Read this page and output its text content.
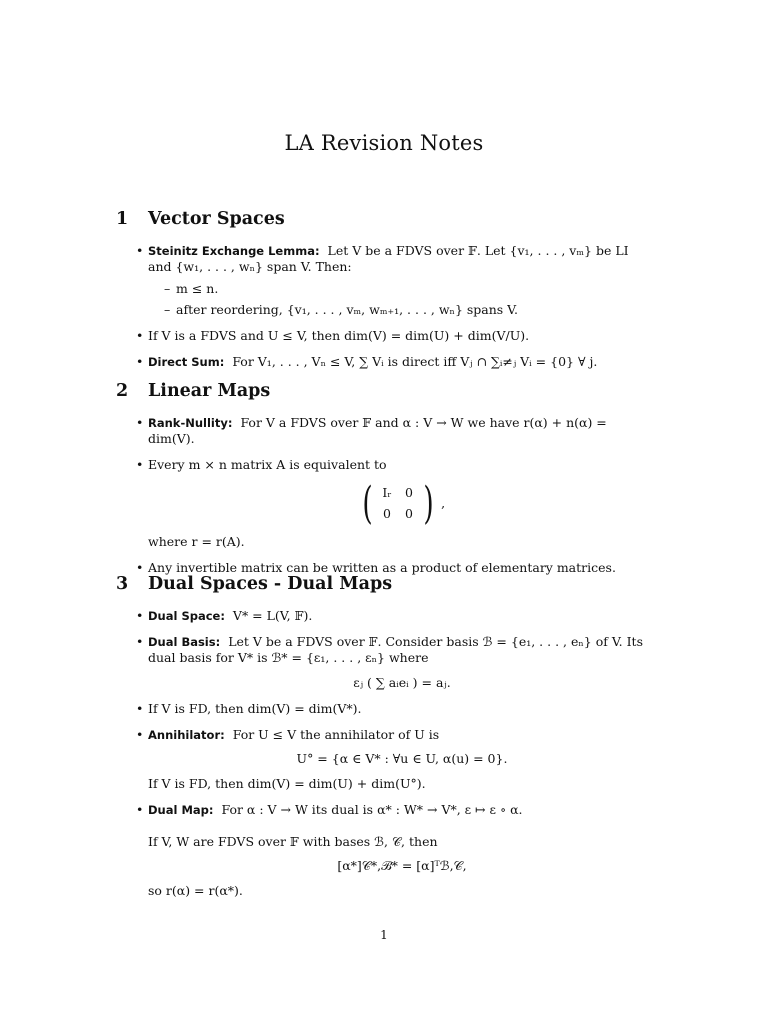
LA Revision Notes
1	Vector Spaces
• Steinitz Exchange Lemma: Let V be a FDVS over 𝔽. Let {v₁, . . . , vₘ} be LI and {w₁, . . . , wₙ} span V. Then:
– m ≤ n.
– after reordering, {v₁, . . . , vₘ, wₘ₊₁, . . . , wₙ} spans V.
• If V is a FDVS and U ≤ V, then dim(V) = dim(U) + dim(V/U).
• Direct Sum: For V₁, . . . , Vₙ ≤ V, ∑ Vᵢ is direct iff Vⱼ ∩ ∑ᵢ≠ⱼ Vᵢ = {0} ∀ j.
2	Linear Maps
• Rank-Nullity: For V a FDVS over 𝔽 and α : V → W we have r(α) + n(α) = dim(V).
• Every m × n matrix A is equivalent to
( Iᵣ	0
0	0 ) ,
where r = r(A).
• Any invertible matrix can be written as a product of elementary matrices.
3	Dual Spaces - Dual Maps
• Dual Space: V* = L(V, 𝔽).
• Dual Basis: Let V be a FDVS over 𝔽. Consider basis ℬ = {e₁, . . . , eₙ} of V. Its dual basis for V* is ℬ* = {ε₁, . . . , εₙ} where
εⱼ ( ∑ aᵢeᵢ ) = aⱼ.
• If V is FD, then dim(V) = dim(V*).
• Annihilator: For U ≤ V the annihilator of U is
U° = {α ∈ V* : ∀u ∈ U, α(u) = 0}.
If V is FD, then dim(V) = dim(U) + dim(U°).
• Dual Map: For α : V → W its dual is α* : W* → V*, ε ↦ ε ∘ α.
If V, W are FDVS over 𝔽 with bases ℬ, 𝒞, then
[α*]𝒞*,ℬ* = [α]ᵀℬ,𝒞,
so r(α) = r(α*).
1
